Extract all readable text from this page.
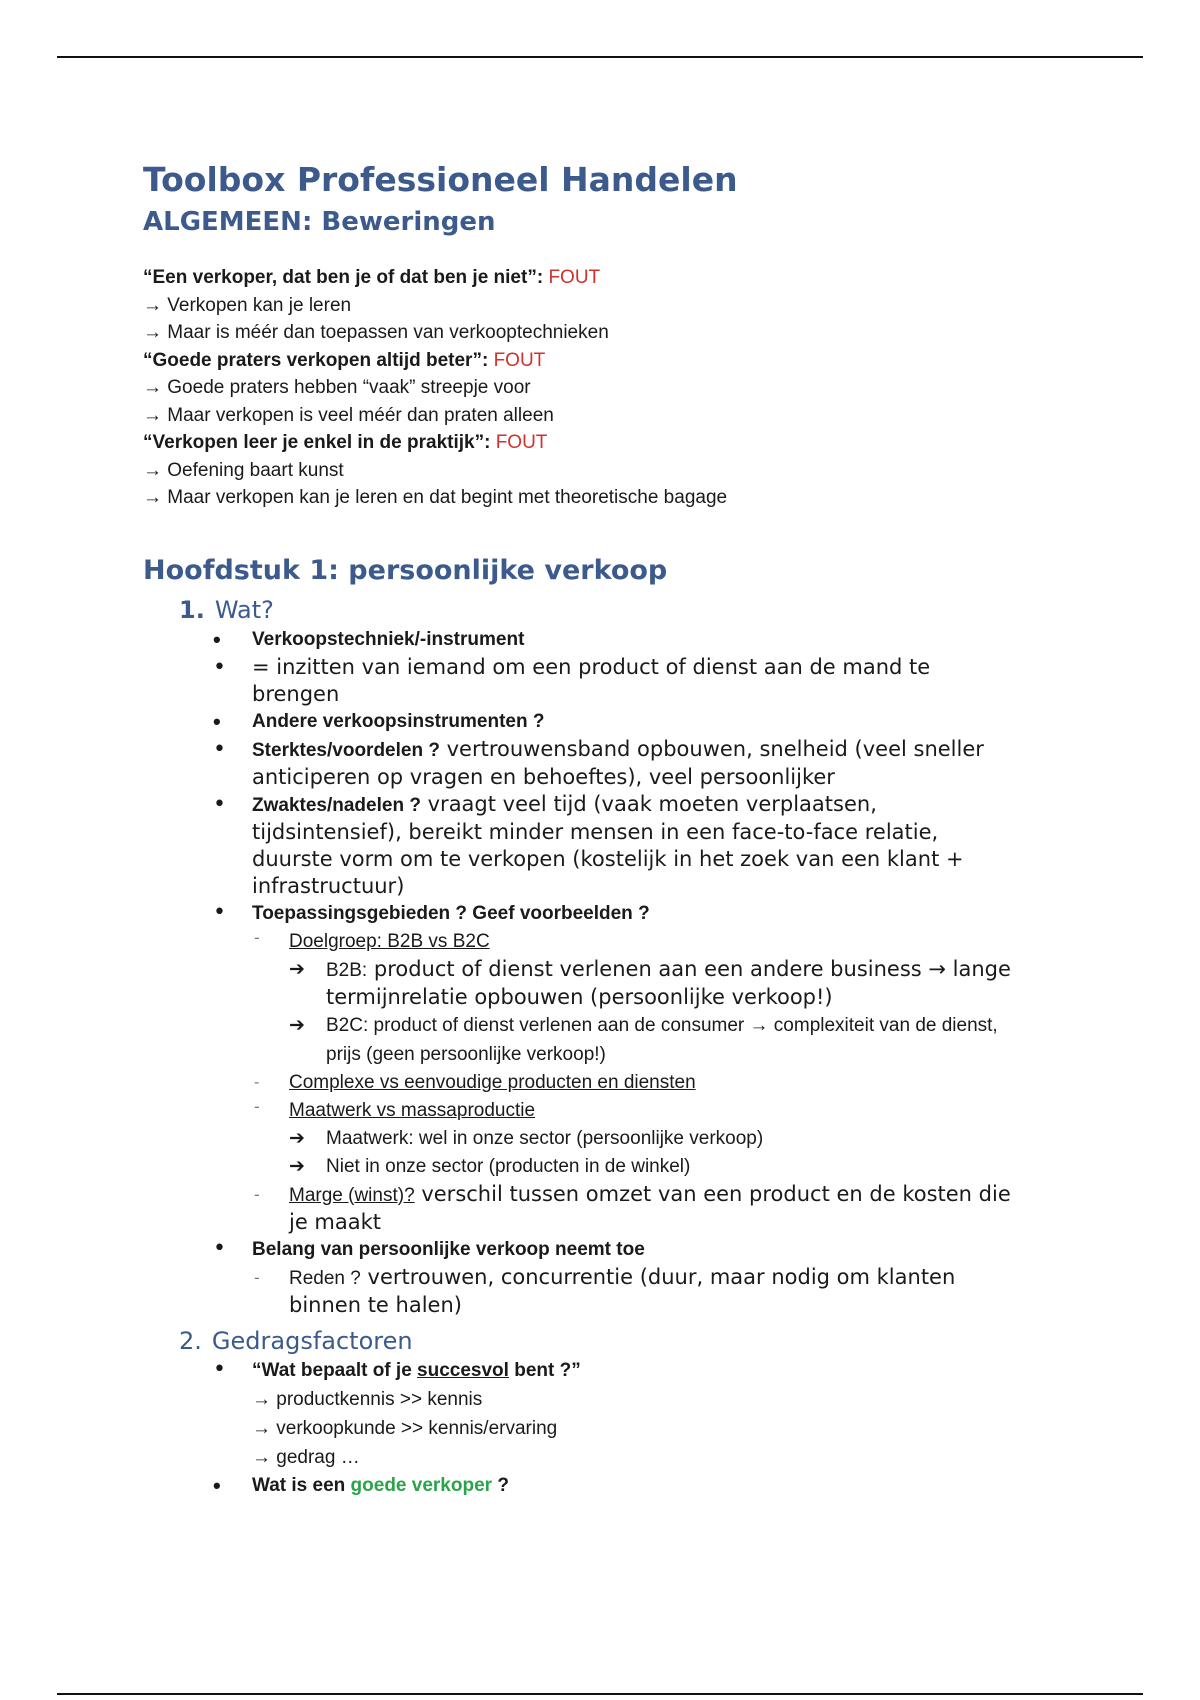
Toolbox Professioneel Handelen
ALGEMEEN: Beweringen
“Een verkoper, dat ben je of dat ben je niet”: FOUT
→ Verkopen kan je leren
→ Maar is méér dan toepassen van verkooptechnieken
“Goede praters verkopen altijd beter”: FOUT
→ Goede praters hebben “vaak” streepje voor
→ Maar verkopen is veel méér dan praten alleen
“Verkopen leer je enkel in de praktijk”: FOUT
→ Oefening baart kunst
→ Maar verkopen kan je leren en dat begint met theoretische bagage
Hoofdstuk 1: persoonlijke verkoop
1. Wat?
• Verkoopstechniek/-instrument
• = inzitten van iemand om een product of dienst aan de mand te
brengen
• Andere verkoopsinstrumenten ?
• Sterktes/voordelen ? vertrouwensband opbouwen, snelheid (veel sneller
anticiperen op vragen en behoeftes), veel persoonlijker
• Zwaktes/nadelen ? vraagt veel tijd (vaak moeten verplaatsen,
tijdsintensief), bereikt minder mensen in een face-to-face relatie,
duurste vorm om te verkopen (kostelijk in het zoek van een klant +
infrastructuur)
• Toepassingsgebieden ? Geef voorbeelden ?
- Doelgroep: B2B vs B2C
➔ B2B: product of dienst verlenen aan een andere business → lange
termijnrelatie opbouwen (persoonlijke verkoop!)
➔ B2C: product of dienst verlenen aan de consumer → complexiteit van de dienst,
prijs (geen persoonlijke verkoop!)
- Complexe vs eenvoudige producten en diensten
- Maatwerk vs massaproductie
➔ Maatwerk: wel in onze sector (persoonlijke verkoop)
➔ Niet in onze sector (producten in de winkel)
- Marge (winst)? verschil tussen omzet van een product en de kosten die
je maakt
• Belang van persoonlijke verkoop neemt toe
- Reden ? vertrouwen, concurrentie (duur, maar nodig om klanten
binnen te halen)
2. Gedragsfactoren
• “Wat bepaalt of je succesvol bent ?”
→ productkennis >> kennis
→ verkoopkunde >> kennis/ervaring
→ gedrag …
• Wat is een goede verkoper ?
